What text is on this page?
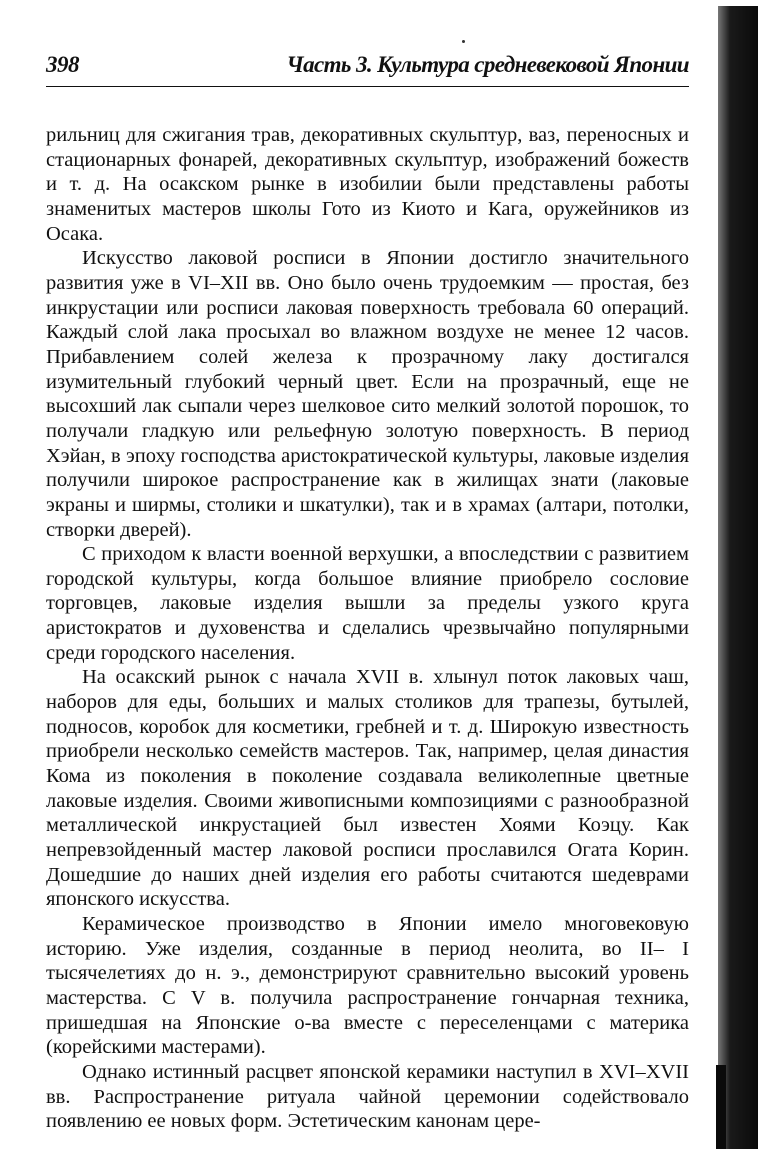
398	Часть 3. Культура средневековой Японии

рильниц для сжигания трав, декоративных скульптур, ваз, переносных и стационарных фонарей, декоративных скульптур, изображений божеств и т. д. На осакском рынке в изобилии были представлены работы знаменитых мастеров школы Гото из Киото и Кага, оружейников из Осака.

Искусство лаковой росписи в Японии достигло значительного развития уже в VI–XII вв. Оно было очень трудоемким — простая, без инкрустации или росписи лаковая поверхность требовала 60 операций. Каждый слой лака просыхал во влажном воздухе не менее 12 часов. Прибавлением солей железа к прозрачному лаку достигался изумительный глубокий черный цвет. Если на прозрачный, еще не высохший лак сыпали через шелковое сито мелкий золотой порошок, то получали гладкую или рельефную золотую поверхность. В период Хэйан, в эпоху господства аристократической культуры, лаковые изделия получили широкое распространение как в жилищах знати (лаковые экраны и ширмы, столики и шкатулки), так и в храмах (алтари, потолки, створки дверей).

С приходом к власти военной верхушки, а впоследствии с развитием городской культуры, когда большое влияние приобрело сословие торговцев, лаковые изделия вышли за пределы узкого круга аристократов и духовенства и сделались чрезвычайно популярными среди городского населения.

На осакский рынок с начала XVII в. хлынул поток лаковых чаш, наборов для еды, больших и малых столиков для трапезы, бутылей, подносов, коробок для косметики, гребней и т. д. Широкую известность приобрели несколько семейств мастеров. Так, например, целая династия Кома из поколения в поколение создавала великолепные цветные лаковые изделия. Своими живописными композициями с разнообразной металлической инкрустацией был известен Хоями Коэцу. Как непревзойденный мастер лаковой росписи прославился Огата Корин. Дошедшие до наших дней изделия его работы считаются шедеврами японского искусства.

Керамическое производство в Японии имело многовековую историю. Уже изделия, созданные в период неолита, во II– I тысячелетиях до н. э., демонстрируют сравнительно высокий уровень мастерства. С V в. получила распространение гончарная техника, пришедшая на Японские о-ва вместе с переселенцами с материка (корейскими мастерами).

Однако истинный расцвет японской керамики наступил в XVI–XVII вв. Распространение ритуала чайной церемонии содействовало появлению ее новых форм. Эстетическим канонам цере-
